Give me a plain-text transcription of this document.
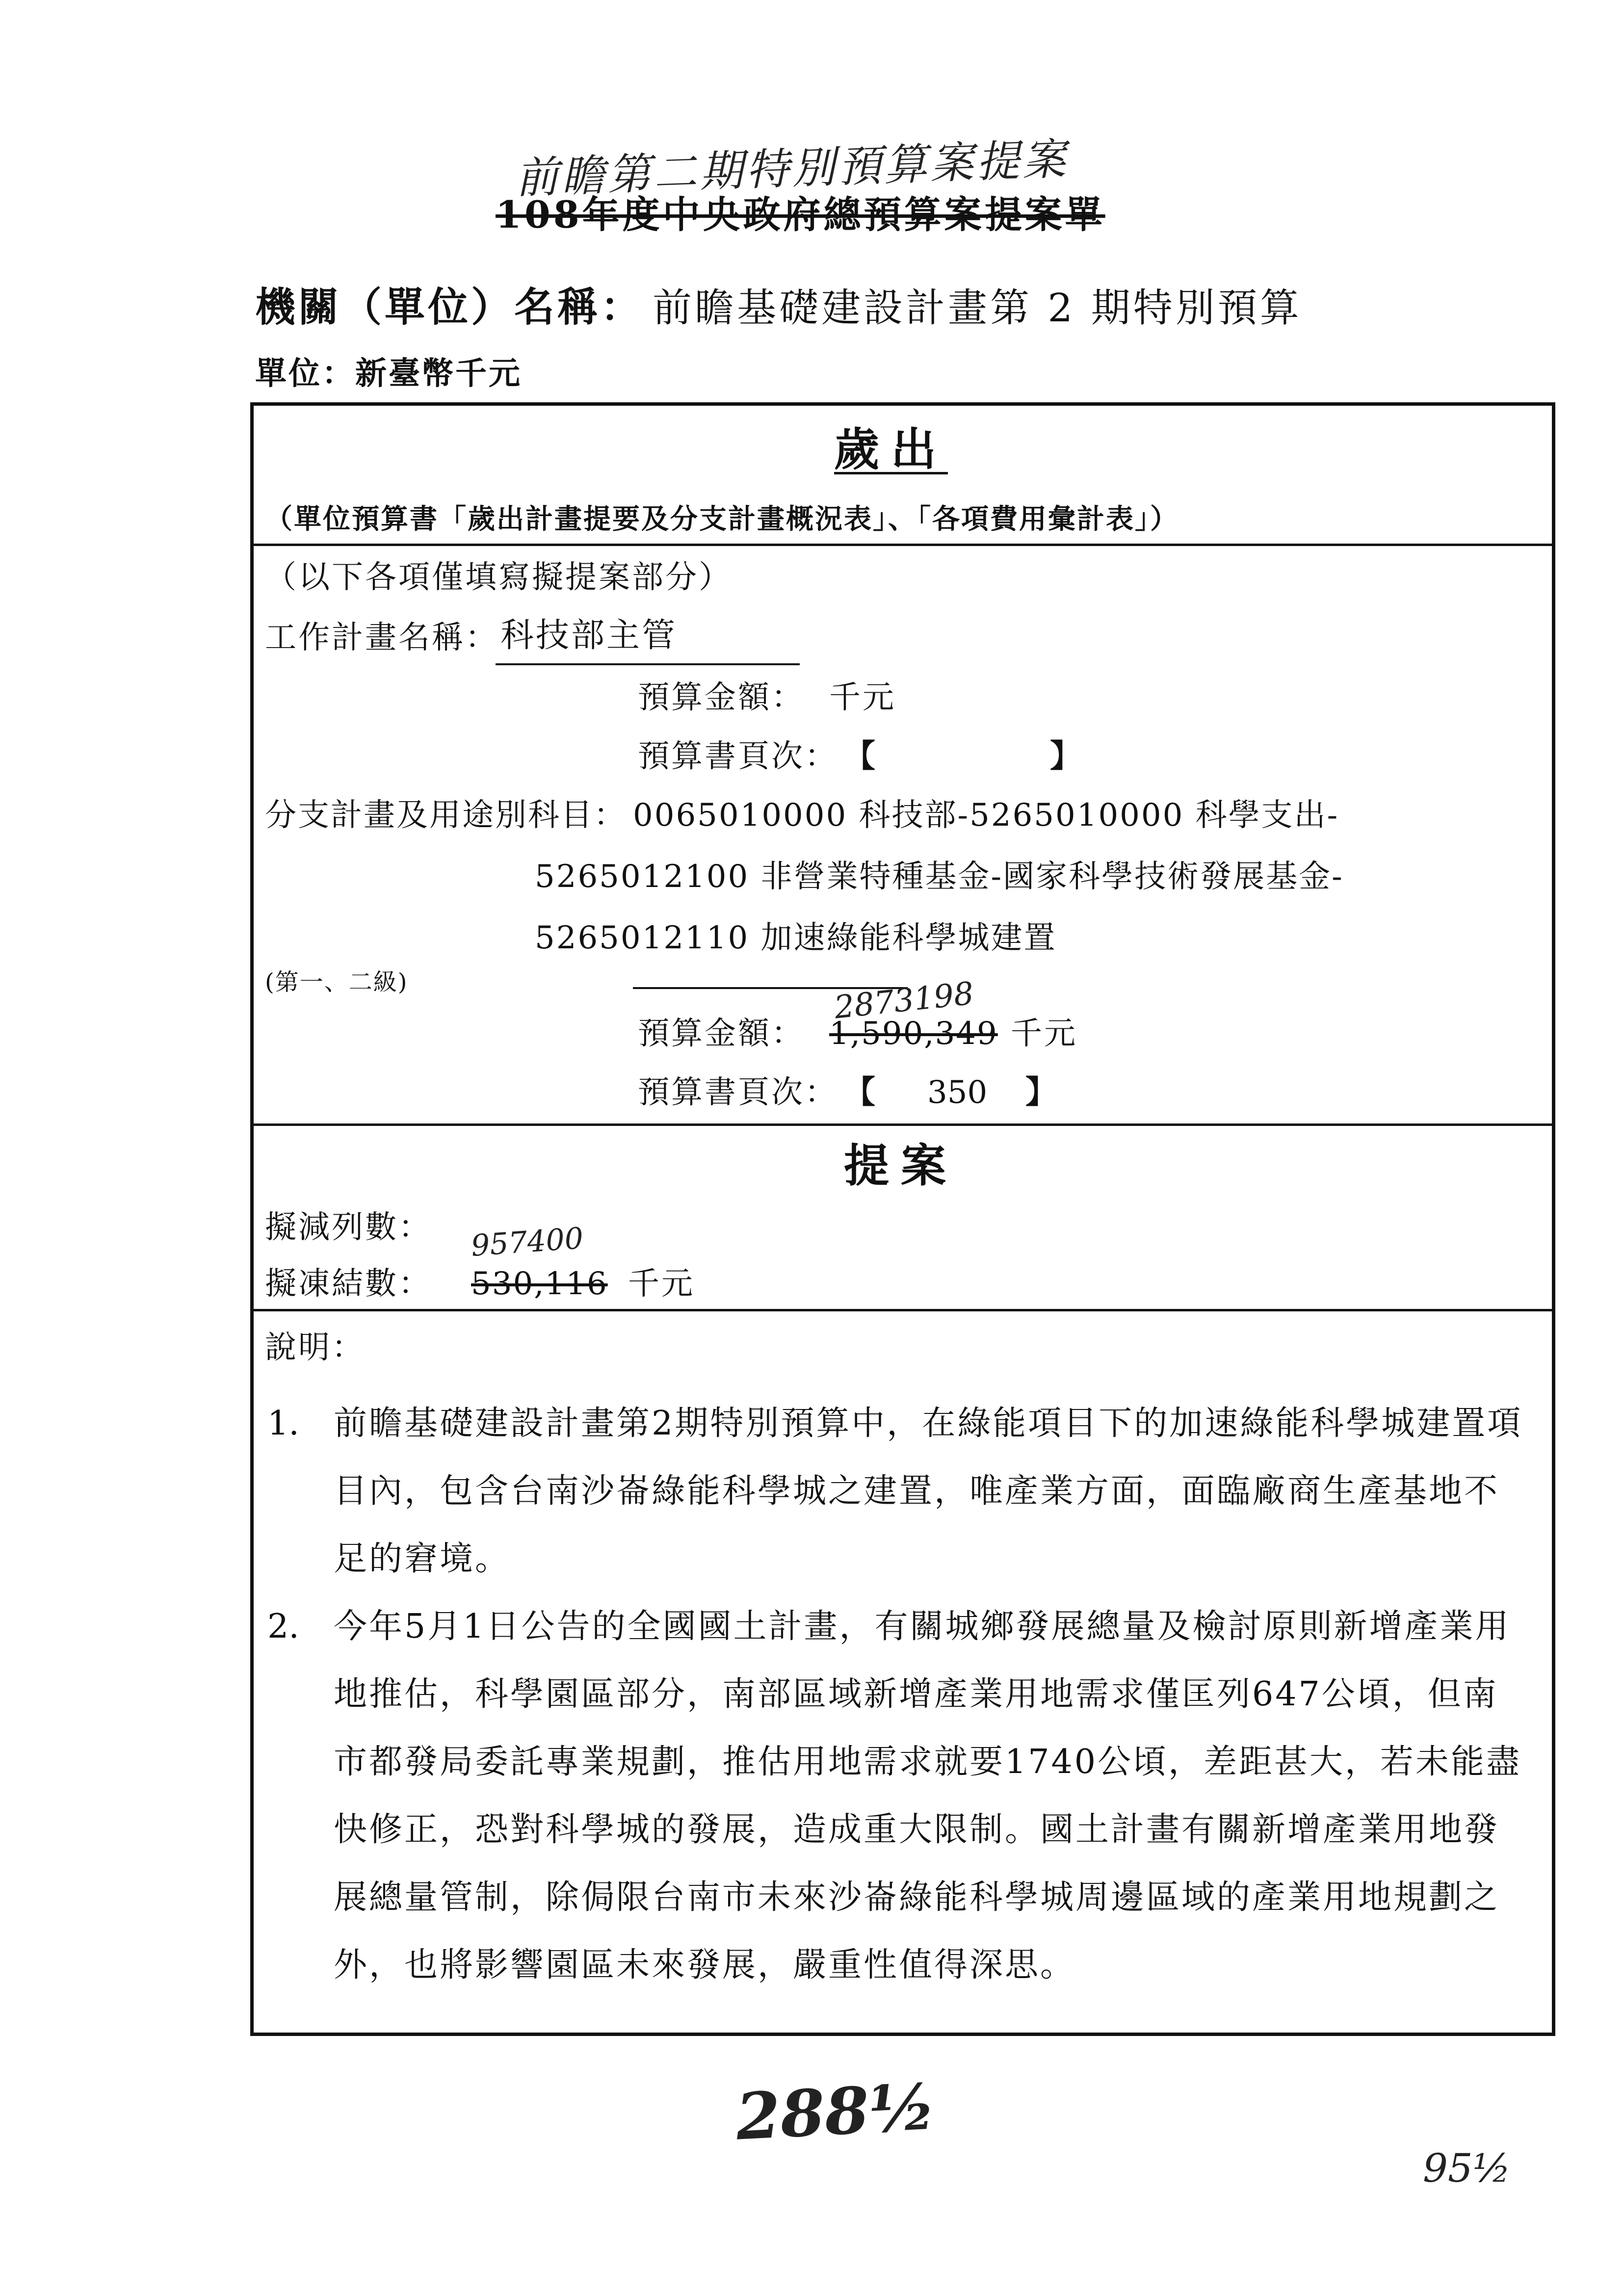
前瞻第二期特別預算案提案
108年度中央政府總預算案提案單
機關（單位）名稱： 前瞻基礎建設計畫第 2 期特別預算
單位：新臺幣千元
歲出
（單位預算書「歲出計畫提要及分支計畫概況表」、「各項費用彙計表」）
（以下各項僅填寫擬提案部分）
工作計畫名稱： 科技部主管
預算金額： 千元
預算書頁次： 【	】
分支計畫及用途別科目： 0065010000 科技部-5265010000 科學支出-
5265012100 非營業特種基金-國家科學技術發展基金-
5265012110 加速綠能科學城建置
(第一、二級)	2873198
預算金額： 1,590,349 千元
預算書頁次： 【 350 】
提案
擬減列數： 957400
擬凍結數： 530,116 千元
說明：
1. 前瞻基礎建設計畫第2期特別預算中，在綠能項目下的加速綠能科學城建置項目內，包含台南沙崙綠能科學城之建置，唯產業方面，面臨廠商生產基地不足的窘境。
2. 今年5月1日公告的全國國土計畫，有關城鄉發展總量及檢討原則新增產業用地推估，科學園區部分，南部區域新增產業用地需求僅匡列647公頃，但南市都發局委託專業規劃，推估用地需求就要1740公頃，差距甚大，若未能盡快修正，恐對科學城的發展，造成重大限制。國土計畫有關新增產業用地發展總量管制，除侷限台南市未來沙崙綠能科學城周邊區域的產業用地規劃之外，也將影響園區未來發展，嚴重性值得深思。
288½
95½
